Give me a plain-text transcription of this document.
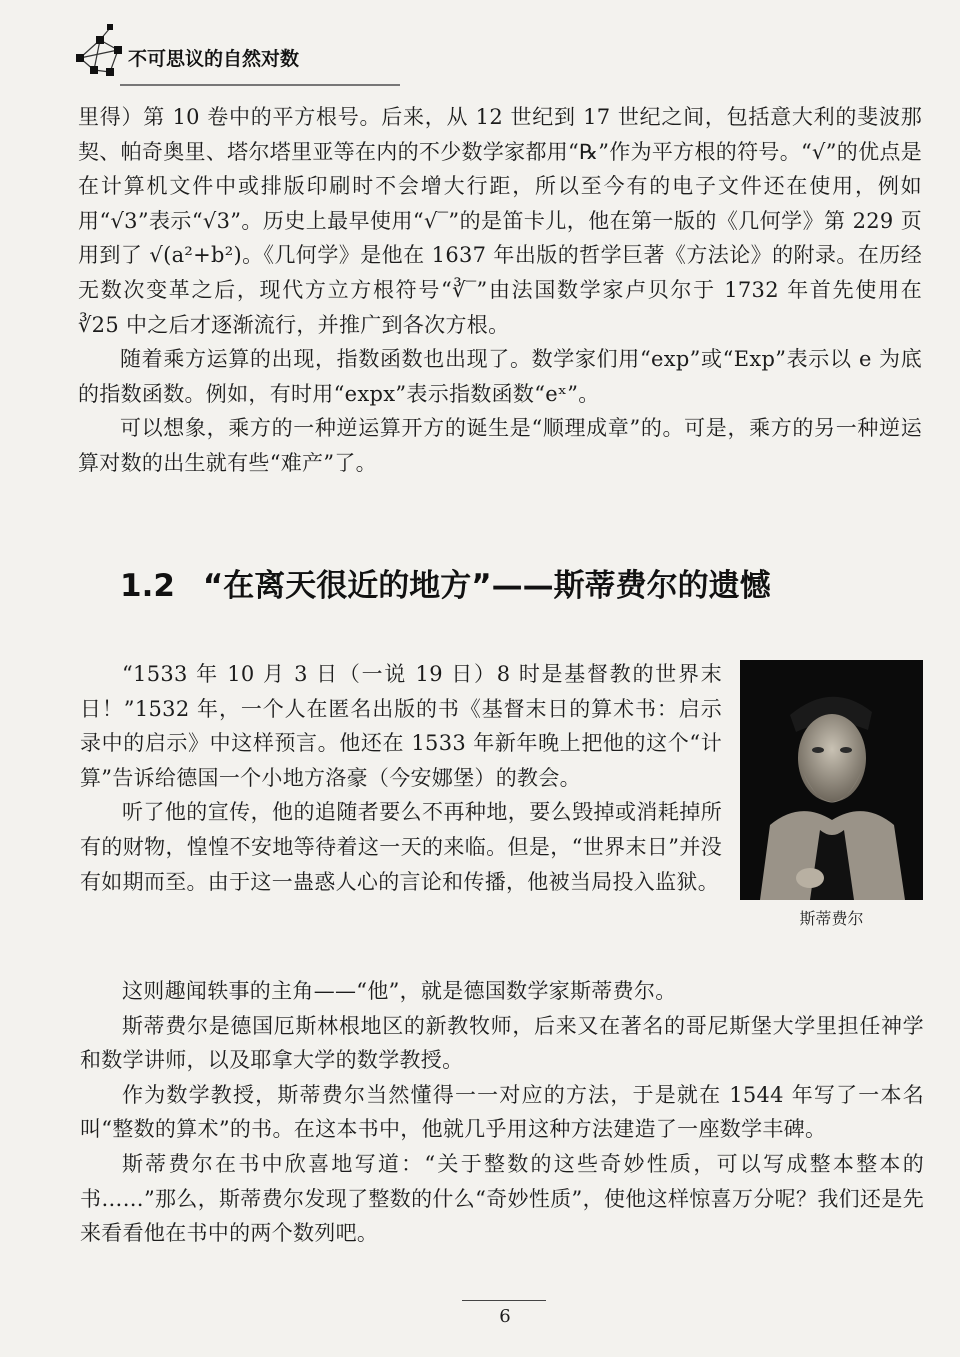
不可思议的自然对数

里得）第 10 卷中的平方根号。后来，从 12 世纪到 17 世纪之间，包括意大利的斐波那契、帕奇奥里、塔尔塔里亚等在内的不少数学家都用“℞”作为平方根的符号。“√”的优点是在计算机文件中或排版印刷时不会增大行距，所以至今有的电子文件还在使用，例如用“√3”表示“√3”。历史上最早使用“√‾”的是笛卡儿，他在第一版的《几何学》第 229 页用到了 √(a²+b²)。《几何学》是他在 1637 年出版的哲学巨著《方法论》的附录。在历经无数次变革之后，现代方立方根符号“∛‾”由法国数学家卢贝尔于 1732 年首先使用在 ∛25 中之后才逐渐流行，并推广到各次方根。

随着乘方运算的出现，指数函数也出现了。数学家们用“exp”或“Exp”表示以 e 为底的指数函数。例如，有时用“expx”表示指数函数“eˣ”。

可以想象，乘方的一种逆运算开方的诞生是“顺理成章”的。可是，乘方的另一种逆运算对数的出生就有些“难产”了。

1.2 “在离天很近的地方”——斯蒂费尔的遗憾

“1533 年 10 月 3 日（一说 19 日）8 时是基督教的世界末日！”1532 年，一个人在匿名出版的书《基督末日的算术书：启示录中的启示》中这样预言。他还在 1533 年新年晚上把他的这个“计算”告诉给德国一个小地方洛豪（今安娜堡）的教会。

听了他的宣传，他的追随者要么不再种地，要么毁掉或消耗掉所有的财物，惶惶不安地等待着这一天的来临。但是，“世界末日”并没有如期而至。由于这一蛊惑人心的言论和传播，他被当局投入监狱。

斯蒂费尔

这则趣闻轶事的主角——“他”，就是德国数学家斯蒂费尔。

斯蒂费尔是德国厄斯林根地区的新教牧师，后来又在著名的哥尼斯堡大学里担任神学和数学讲师，以及耶拿大学的数学教授。

作为数学教授，斯蒂费尔当然懂得一一对应的方法，于是就在 1544 年写了一本名叫“整数的算术”的书。在这本书中，他就几乎用这种方法建造了一座数学丰碑。

斯蒂费尔在书中欣喜地写道：“关于整数的这些奇妙性质，可以写成整本整本的书……”那么，斯蒂费尔发现了整数的什么“奇妙性质”，使他这样惊喜万分呢？我们还是先来看看他在书中的两个数列吧。

6
